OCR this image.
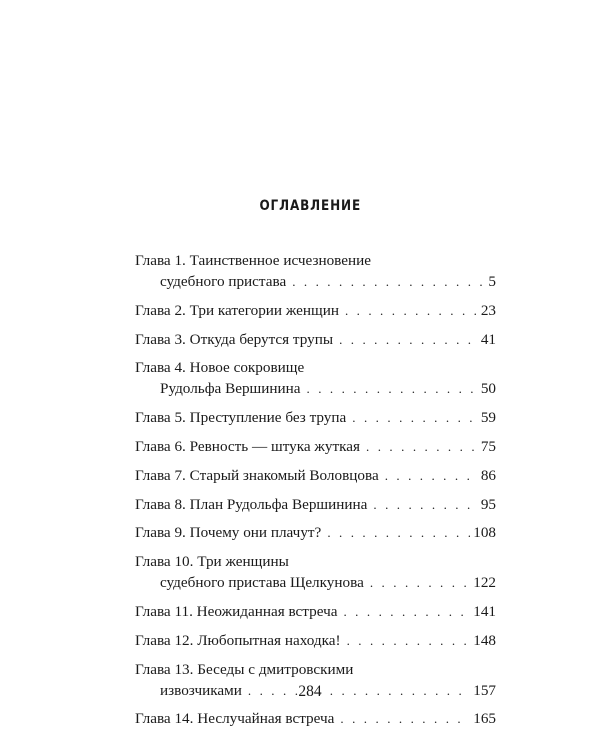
ОГЛАВЛЕНИЕ
Глава 1. Таинственное исчезновение
судебного пристава . . .	5
Глава 2. Три категории женщин . . .	23
Глава 3. Откуда берутся трупы . . .	41
Глава 4. Новое сокровище
Рудольфа Вершинина . . .	50
Глава 5. Преступление без трупа . . .	59
Глава 6. Ревность — штука жуткая . . .	75
Глава 7. Старый знакомый Воловцова . . .	86
Глава 8. План Рудольфа Вершинина . . .	95
Глава 9. Почему они плачут? . . .	108
Глава 10. Три женщины
судебного пристава Щелкунова . . .	122
Глава 11. Неожиданная встреча . . .	141
Глава 12. Любопытная находка! . . .	148
Глава 13. Беседы с дмитровскими
извозчиками . . .	157
Глава 14. Неслучайная встреча . . .	165
284
